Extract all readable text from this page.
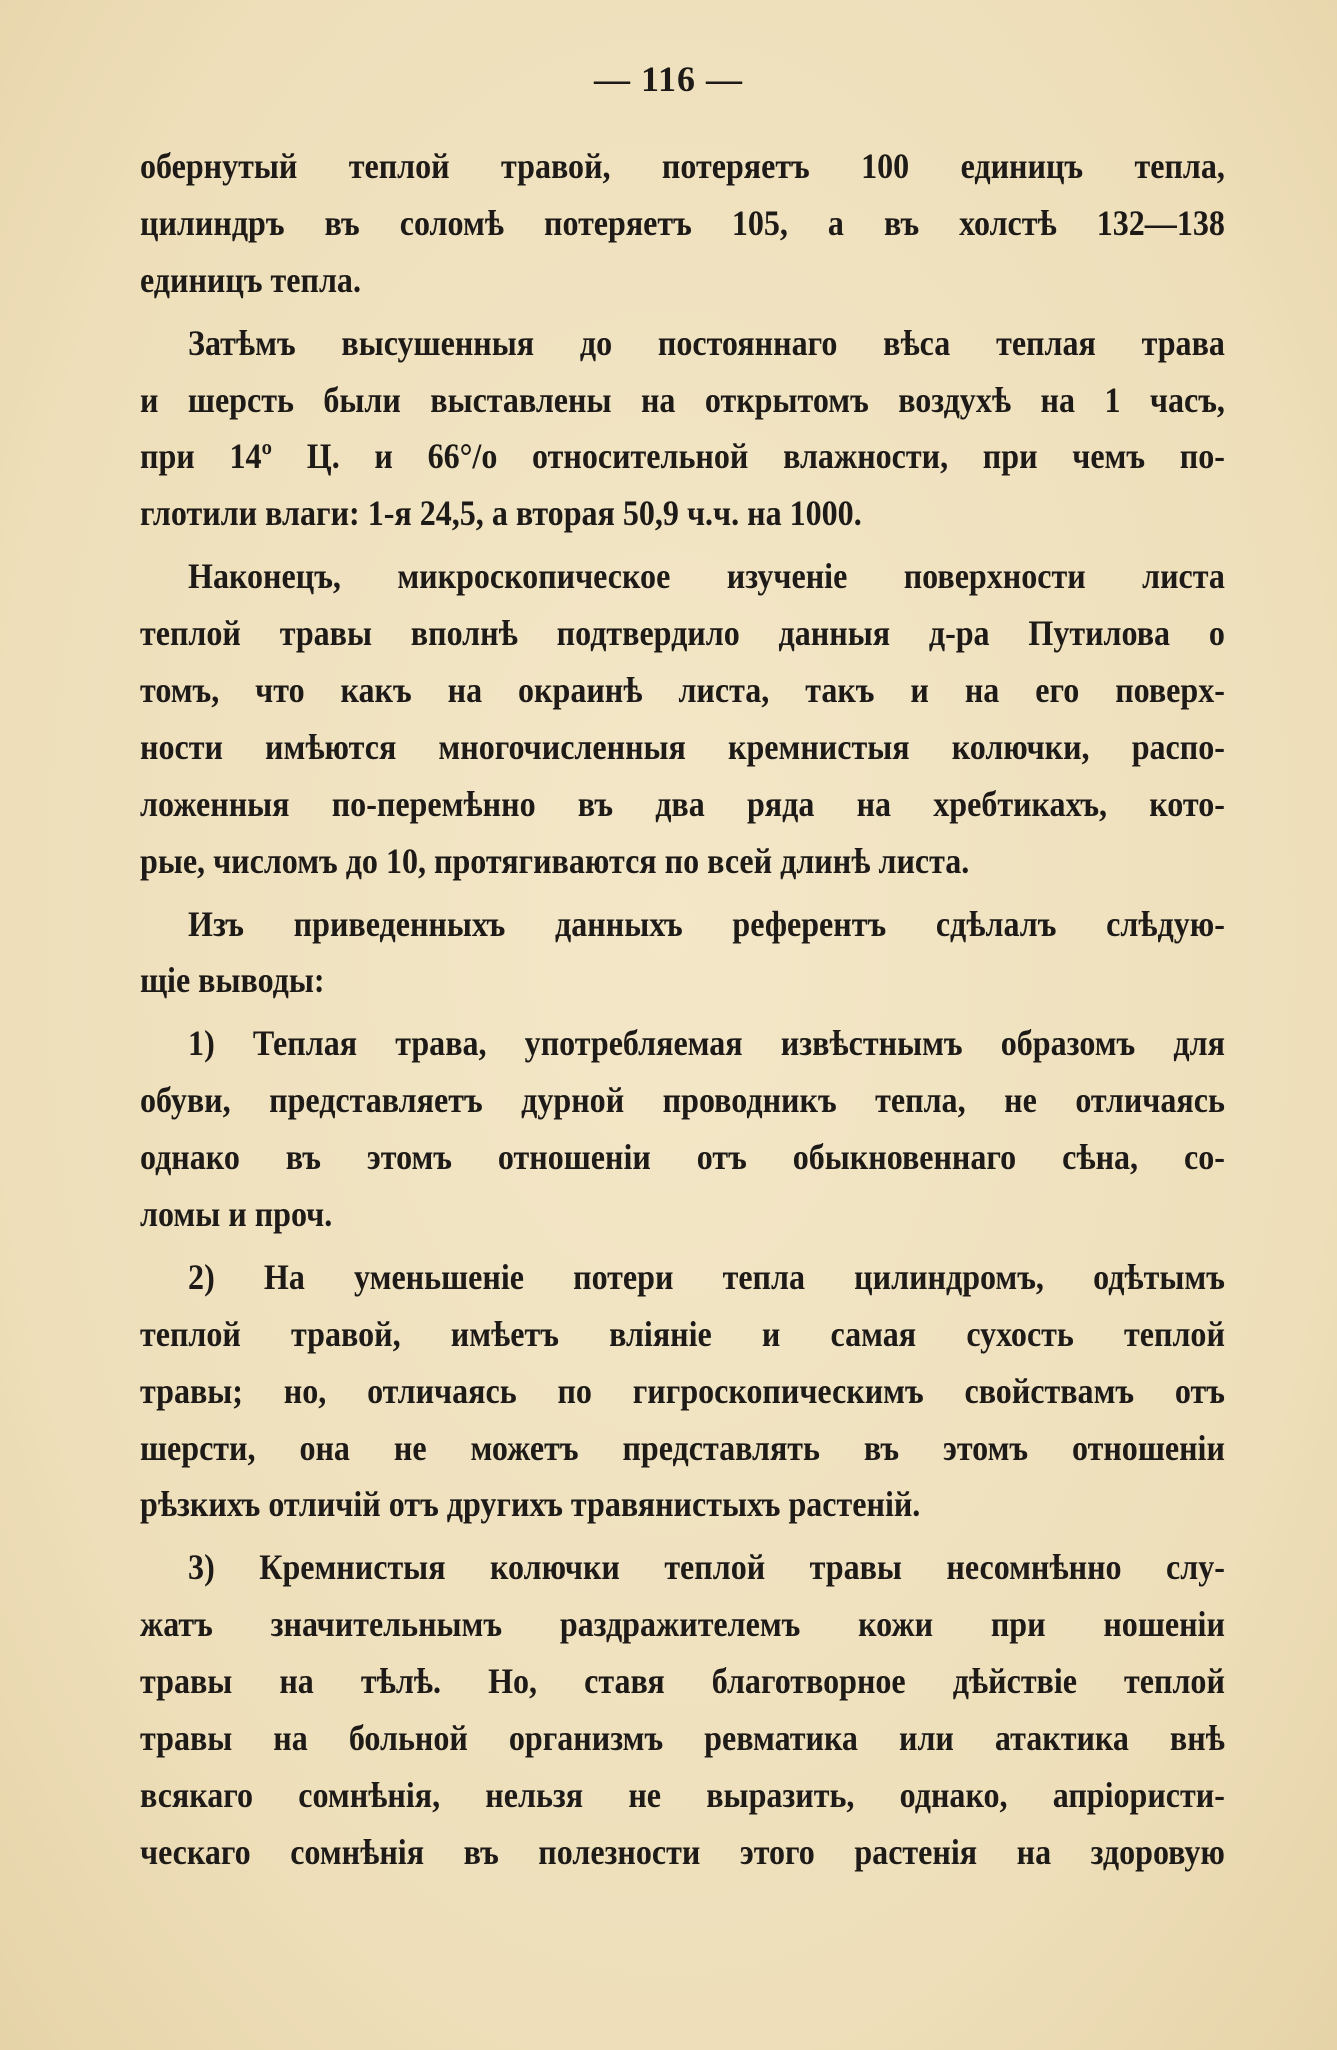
— 116 —
обернутый теплой травой, потеряетъ 100 единицъ тепла,
цилиндръ въ соломѣ потеряетъ 105, а въ холстѣ 132—138
единицъ тепла.
Затѣмъ высушенныя до постояннаго вѣса теплая трава
и шерсть были выставлены на открытомъ воздухѣ на 1 часъ,
при 14º Ц. и 66°/о относительной влажности, при чемъ по-
глотили влаги: 1-я 24,5, а вторая 50,9 ч.ч. на 1000.
Наконецъ, микроскопическое изученіе поверхности листа
теплой травы вполнѣ подтвердило данныя д-ра Путилова о
томъ, что какъ на окраинѣ листа, такъ и на его поверх-
ности имѣются многочисленныя кремнистыя колючки, распо-
ложенныя по-перемѣнно въ два ряда на хребтикахъ, кото-
рые, числомъ до 10, протягиваются по всей длинѣ листа.
Изъ приведенныхъ данныхъ референтъ сдѣлалъ слѣдую-
щіе выводы:
1) Теплая трава, употребляемая извѣстнымъ образомъ для
обуви, представляетъ дурной проводникъ тепла, не отличаясь
однако въ этомъ отношеніи отъ обыкновеннаго сѣна, со-
ломы и проч.
2) На уменьшеніе потери тепла цилиндромъ, одѣтымъ
теплой травой, имѣетъ вліяніе и самая сухость теплой
травы; но, отличаясь по гигроскопическимъ свойствамъ отъ
шерсти, она не можетъ представлять въ этомъ отношеніи
рѣзкихъ отличій отъ другихъ травянистыхъ растеній.
3) Кремнистыя колючки теплой травы несомнѣнно слу-
жатъ значительнымъ раздражителемъ кожи при ношеніи
травы на тѣлѣ. Но, ставя благотворное дѣйствіе теплой
травы на больной организмъ ревматика или атактика внѣ
всякаго сомнѣнія, нельзя не выразить, однако, апріористи-
ческаго сомнѣнія въ полезности этого растенія на здоровую
